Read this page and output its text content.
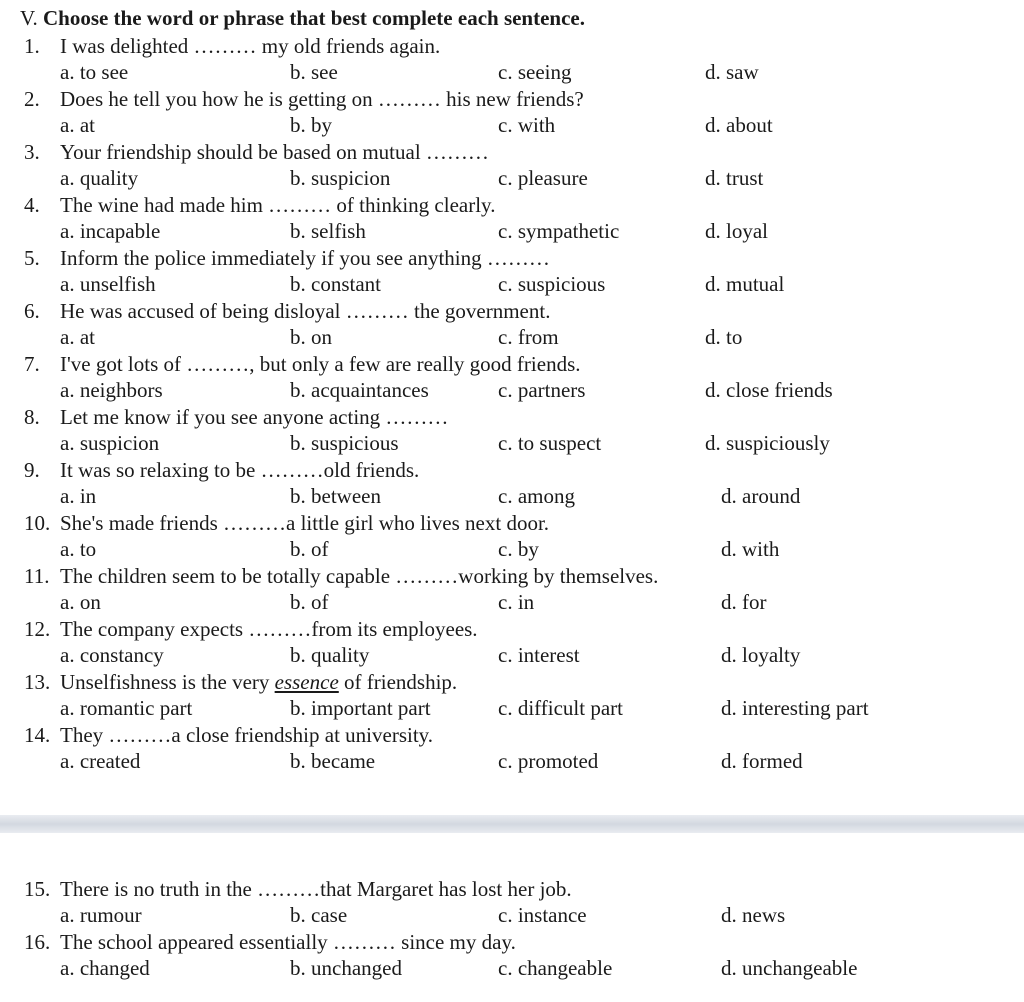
V. Choose the word or phrase that best complete each sentence.
1. I was delighted ……… my old friends again.
a. to see	b. see	c. seeing	d. saw
2. Does he tell you how he is getting on ……… his new friends?
a. at	b. by	c. with	d. about
3. Your friendship should be based on mutual ………
a. quality	b. suspicion	c. pleasure	d. trust
4. The wine had made him ……… of thinking clearly.
a. incapable	b. selfish	c. sympathetic	d. loyal
5. Inform the police immediately if you see anything ………
a. unselfish	b. constant	c. suspicious	d. mutual
6. He was accused of being disloyal ……… the government.
a. at	b. on	c. from	d. to
7. I've got lots of ………, but only a few are really good friends.
a. neighbors	b. acquaintances	c. partners	d. close friends
8. Let me know if you see anyone acting ………
a. suspicion	b. suspicious	c. to suspect	d. suspiciously
9. It was so relaxing to be ………old friends.
a. in	b. between	c. among	d. around
10. She's made friends ………a little girl who lives next door.
a. to	b. of	c. by	d. with
11. The children seem to be totally capable ………working by themselves.
a. on	b. of	c. in	d. for
12. The company expects ………from its employees.
a. constancy	b. quality	c. interest	d. loyalty
13. Unselfishness is the very essence of friendship.
a. romantic part	b. important part	c. difficult part	d. interesting part
14. They ………a close friendship at university.
a. created	b. became	c. promoted	d. formed
15. There is no truth in the ………that Margaret has lost her job.
a. rumour	b. case	c. instance	d. news
16. The school appeared essentially ……… since my day.
a. changed	b. unchanged	c. changeable	d. unchangeable
